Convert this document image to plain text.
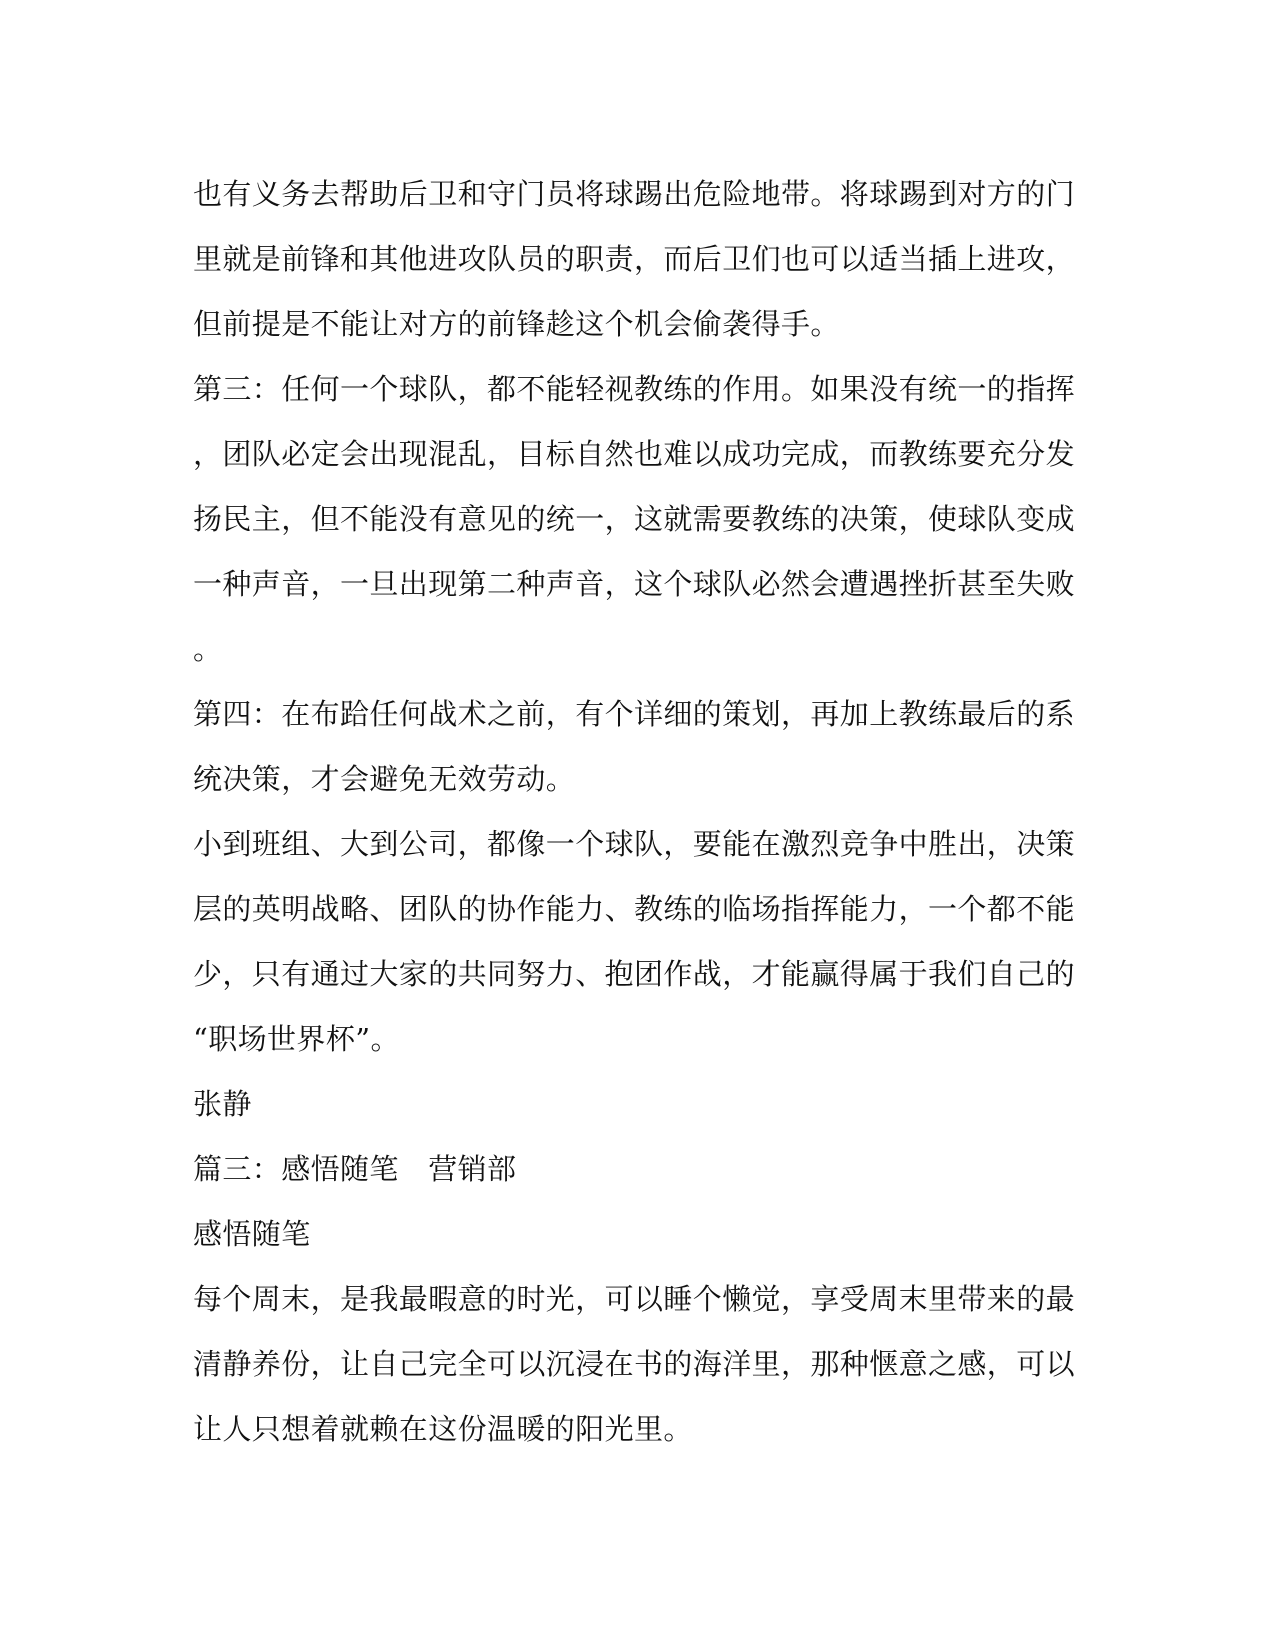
也有义务去帮助后卫和守门员将球踢出危险地带。将球踢到对方的门

里就是前锋和其他进攻队员的职责，而后卫们也可以适当插上进攻，

但前提是不能让对方的前锋趁这个机会偷袭得手。

第三：任何一个球队，都不能轻视教练的作用。如果没有统一的指挥

，团队必定会出现混乱，目标自然也难以成功完成，而教练要充分发

扬民主，但不能没有意见的统一，这就需要教练的决策，使球队变成

一种声音，一旦出现第二种声音，这个球队必然会遭遇挫折甚至失败

。

第四：在布跲任何战术之前，有个详细的策划，再加上教练最后的系

统决策，才会避免无效劳动。

小到班组、大到公司，都像一个球队，要能在激烈竞争中胜出，决策

层的英明战略、团队的协作能力、教练的临场指挥能力，一个都不能

少，只有通过大家的共同努力、抱团作战，才能赢得属于我们自己的

“职场世界杯”。

张静

篇三：感悟随笔　营销部

感悟随笔

每个周末，是我最暇意的时光，可以睡个懒觉，享受周末里带来的最

清静养份，让自己完全可以沉浸在书的海洋里，那种惬意之感，可以

让人只想着就赖在这份温暖的阳光里。
